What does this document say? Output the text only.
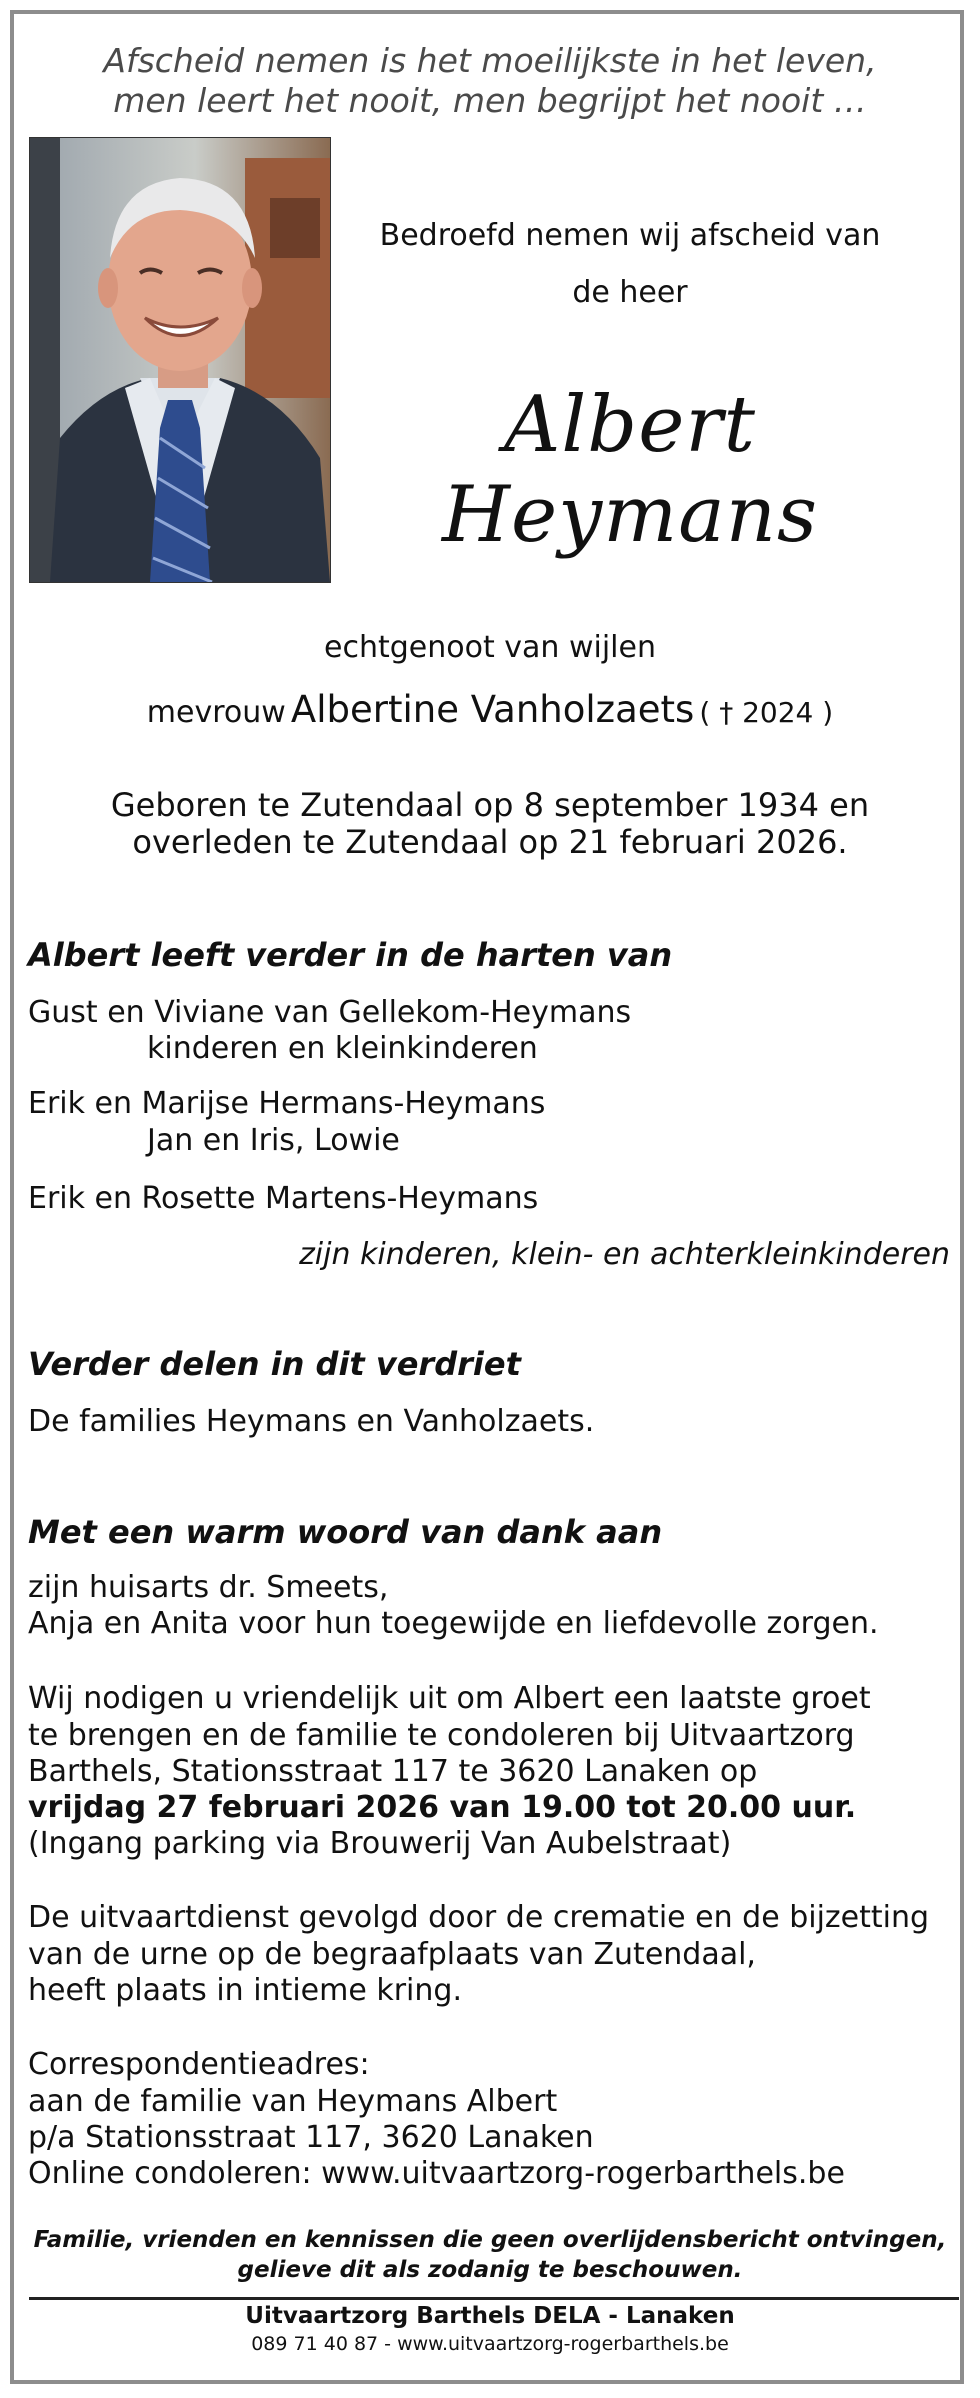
Afscheid nemen is het moeilijkste in het leven,
men leert het nooit, men begrijpt het nooit …
Bedroefd nemen wij afscheid van
de heer
Albert Heymans
echtgenoot van wijlen
mevrouw Albertine Vanholzaets ( † 2024 )
Geboren te Zutendaal op 8 september 1934 en
overleden te Zutendaal op 21 februari 2026.
Albert leeft verder in de harten van
Gust en Viviane van Gellekom-Heymans
kinderen en kleinkinderen
Erik en Marijse Hermans-Heymans
Jan en Iris, Lowie
Erik en Rosette Martens-Heymans
zijn kinderen, klein- en achterkleinkinderen
Verder delen in dit verdriet
De families Heymans en Vanholzaets.
Met een warm woord van dank aan
zijn huisarts dr. Smeets,
Anja en Anita voor hun toegewijde en liefdevolle zorgen.
Wij nodigen u vriendelijk uit om Albert een laatste groet
te brengen en de familie te condoleren bij Uitvaartzorg
Barthels, Stationsstraat 117 te 3620 Lanaken op
vrijdag 27 februari 2026 van 19.00 tot 20.00 uur.
(Ingang parking via Brouwerij Van Aubelstraat)
De uitvaartdienst gevolgd door de crematie en de bijzetting
van de urne op de begraafplaats van Zutendaal,
heeft plaats in intieme kring.
Correspondentieadres:
aan de familie van Heymans Albert
p/a Stationsstraat 117, 3620 Lanaken
Online condoleren: www.uitvaartzorg-rogerbarthels.be
Familie, vrienden en kennissen die geen overlijdensbericht ontvingen,
gelieve dit als zodanig te beschouwen.
Uitvaartzorg Barthels DELA - Lanaken
089 71 40 87 - www.uitvaartzorg-rogerbarthels.be
